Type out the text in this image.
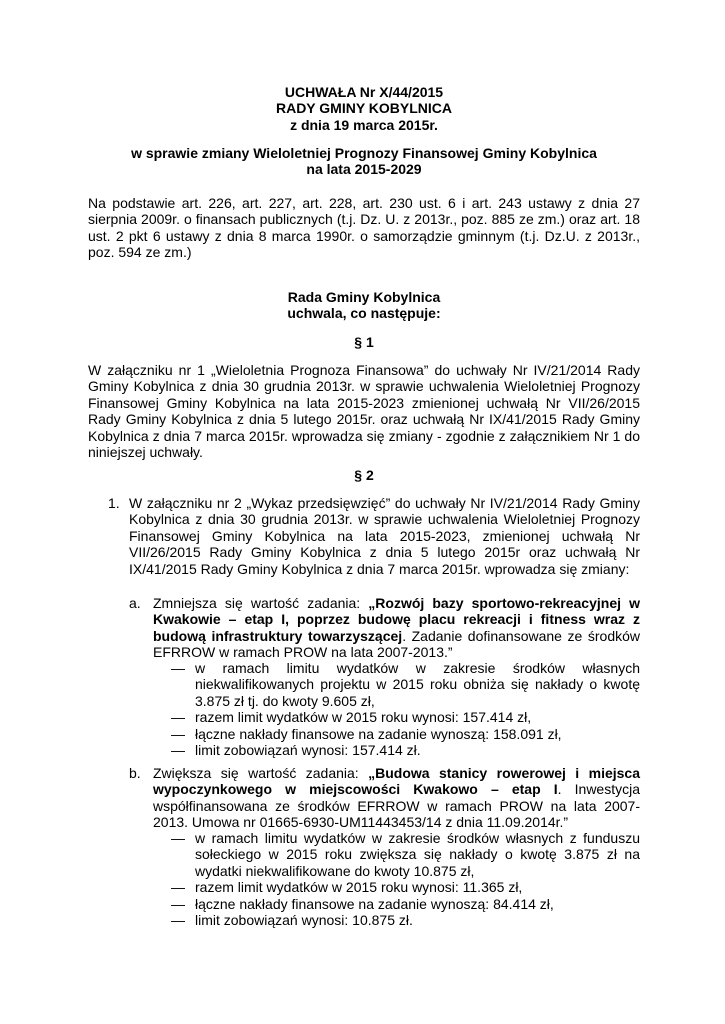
UCHWAŁA Nr X/44/2015
RADY GMINY KOBYLNICA
z dnia 19 marca 2015r.
w sprawie zmiany Wieloletniej Prognozy Finansowej Gminy Kobylnica
na lata 2015-2029
Na podstawie art. 226, art. 227, art. 228, art. 230 ust. 6 i art. 243 ustawy z dnia 27 sierpnia 2009r. o finansach publicznych (t.j. Dz. U. z 2013r., poz. 885 ze zm.) oraz art. 18 ust. 2 pkt 6 ustawy z dnia 8 marca 1990r. o samorządzie gminnym (t.j. Dz.U. z 2013r., poz. 594 ze zm.)
Rada Gminy Kobylnica
uchwala, co następuje:
§ 1
W załączniku nr 1 „Wieloletnia Prognoza Finansowa” do uchwały Nr IV/21/2014 Rady Gminy Kobylnica z dnia 30 grudnia 2013r. w sprawie uchwalenia Wieloletniej Prognozy Finansowej Gminy Kobylnica na lata 2015-2023 zmienionej uchwałą Nr VII/26/2015 Rady Gminy Kobylnica z dnia 5 lutego 2015r. oraz uchwałą Nr IX/41/2015 Rady Gminy Kobylnica z dnia 7 marca 2015r. wprowadza się zmiany - zgodnie z załącznikiem Nr 1 do niniejszej uchwały.
§ 2
1. W załączniku nr 2 „Wykaz przedsięwzięć” do uchwały Nr IV/21/2014 Rady Gminy Kobylnica z dnia 30 grudnia 2013r. w sprawie uchwalenia Wieloletniej Prognozy Finansowej Gminy Kobylnica na lata 2015-2023, zmienionej uchwałą Nr VII/26/2015 Rady Gminy Kobylnica z dnia 5 lutego 2015r oraz uchwałą Nr IX/41/2015 Rady Gminy Kobylnica z dnia 7 marca 2015r. wprowadza się zmiany:
a. Zmniejsza się wartość zadania: „Rozwój bazy sportowo-rekreacyjnej w Kwakowie – etap I, poprzez budowę placu rekreacji i fitness wraz z budową infrastruktury towarzyszącej. Zadanie dofinansowane ze środków EFRROW w ramach PROW na lata 2007-2013.”
— w ramach limitu wydatków w zakresie środków własnych niekwalifikowanych projektu w 2015 roku obniża się nakłady o kwotę 3.875 zł tj. do kwoty 9.605 zł,
— razem limit wydatków w 2015 roku wynosi: 157.414 zł,
— łączne nakłady finansowe na zadanie wynoszą: 158.091 zł,
— limit zobowiązań wynosi: 157.414 zł.
b. Zwiększa się wartość zadania: „Budowa stanicy rowerowej i miejsca wypoczynkowego w miejscowości Kwakowo – etap I. Inwestycja współfinansowana ze środków EFRROW w ramach PROW na lata 2007-2013. Umowa nr 01665-6930-UM11443453/14 z dnia 11.09.2014r.”
— w ramach limitu wydatków w zakresie środków własnych z funduszu sołeckiego w 2015 roku zwiększa się nakłady o kwotę 3.875 zł na wydatki niekwalifikowane do kwoty 10.875 zł,
— razem limit wydatków w 2015 roku wynosi: 11.365 zł,
— łączne nakłady finansowe na zadanie wynoszą: 84.414 zł,
— limit zobowiązań wynosi: 10.875 zł.
